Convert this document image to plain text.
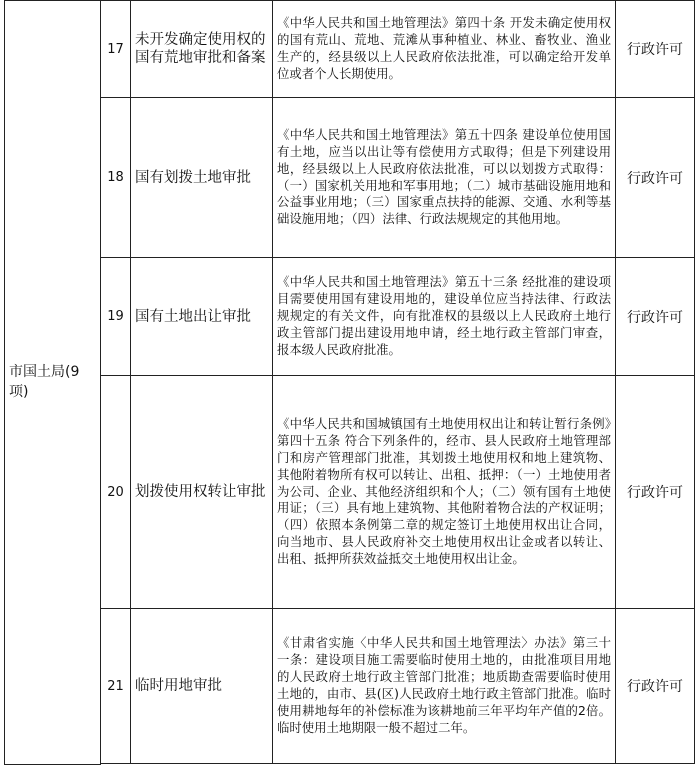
市国土局(9项)	17	未开发确定使用权的国有荒地审批和备案	《中华人民共和国土地管理法》第四十条 开发未确定使用权的国有荒山、荒地、荒滩从事种植业、林业、畜牧业、渔业生产的，经县级以上人民政府依法批准，可以确定给开发单位或者个人长期使用。	行政许可
	18	国有划拨土地审批	《中华人民共和国土地管理法》第五十四条 建设单位使用国有土地，应当以出让等有偿使用方式取得；但是下列建设用地，经县级以上人民政府依法批准，可以以划拨方式取得：（一）国家机关用地和军事用地；（二）城市基础设施用地和公益事业用地；（三）国家重点扶持的能源、交通、水利等基础设施用地；（四）法律、行政法规规定的其他用地。	行政许可
	19	国有土地出让审批	《中华人民共和国土地管理法》第五十三条 经批准的建设项目需要使用国有建设用地的，建设单位应当持法律、行政法规规定的有关文件，向有批准权的县级以上人民政府土地行政主管部门提出建设用地申请，经土地行政主管部门审查，报本级人民政府批准。	行政许可
	20	划拨使用权转让审批	《中华人民共和国城镇国有土地使用权出让和转让暂行条例》第四十五条 符合下列条件的，经市、县人民政府土地管理部门和房产管理部门批准，其划拨土地使用权和地上建筑物、其他附着物所有权可以转让、出租、抵押：（一）土地使用者为公司、企业、其他经济组织和个人；（二）领有国有土地使用证；（三）具有地上建筑物、其他附着物合法的产权证明；（四）依照本条例第二章的规定签订土地使用权出让合同，向当地市、县人民政府补交土地使用权出让金或者以转让、出租、抵押所获效益抵交土地使用权出让金。	行政许可
	21	临时用地审批	《甘肃省实施〈中华人民共和国土地管理法〉办法》第三十一条：建设项目施工需要临时使用土地的，由批准项目用地的人民政府土地行政主管部门批准；地质勘查需要临时使用土地的，由市、县(区)人民政府土地行政主管部门批准。临时使用耕地每年的补偿标准为该耕地前三年平均年产值的2倍。临时使用土地期限一般不超过二年。	行政许可
